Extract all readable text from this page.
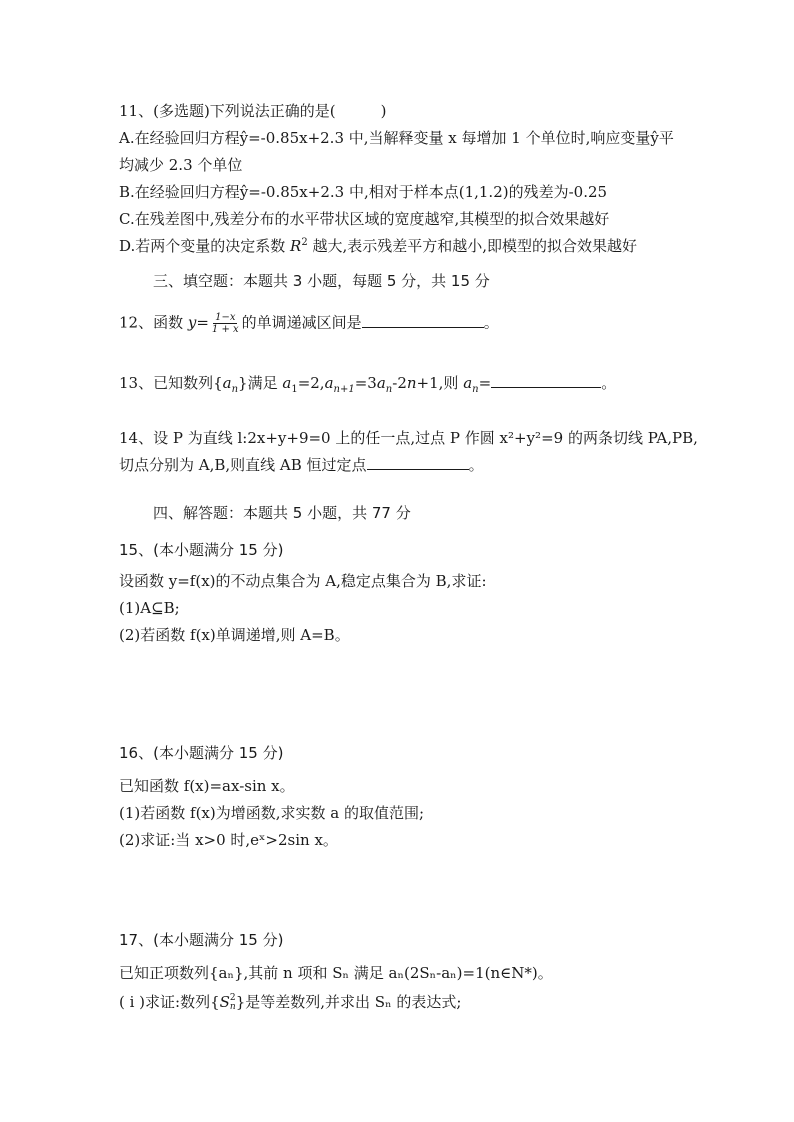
11、(多选题)下列说法正确的是(　　　)
A.在经验回归方程ŷ=-0.85x+2.3 中,当解释变量 x 每增加 1 个单位时,响应变量ŷ平
均减少 2.3 个单位
B.在经验回归方程ŷ=-0.85x+2.3 中,相对于样本点(1,1.2)的残差为-0.25
C.在残差图中,残差分布的水平带状区域的宽度越窄,其模型的拟合效果越好
D.若两个变量的决定系数 $R^2$ 越大,表示残差平方和越小,即模型的拟合效果越好
三、填空题：本题共 3 小题，每题 5 分，共 15 分
12、函数 $y= \frac{1-x}{1 + x}$ 的单调递减区间是	。
13、已知数列$\{a_n\}$满足 $a_1=2,a_{n+1}=3a_n-2n+1$,则 $a_n=$	。
14、设 P 为直线 l:2x+y+9=0 上的任一点,过点 P 作圆 x²+y²=9 的两条切线 PA,PB,
切点分别为 A,B,则直线 AB 恒过定点	。
四、解答题：本题共 5 小题，共 77 分
15、(本小题满分 15 分)
设函数 y=f(x)的不动点集合为 A,稳定点集合为 B,求证:
(1)A⊆B;
(2)若函数 f(x)单调递增,则 A=B。
16、(本小题满分 15 分)
已知函数 f(x)=ax-sin x。
(1)若函数 f(x)为增函数,求实数 a 的取值范围;
(2)求证:当 x>0 时,eˣ>2sin x。
17、(本小题满分 15 分)
已知正项数列{aₙ},其前 n 项和 Sₙ 满足 aₙ(2Sₙ-aₙ)=1(n∈N*)。
( i )求证:数列{S 2
n }是等差数列,并求出 Sₙ 的表达式;
